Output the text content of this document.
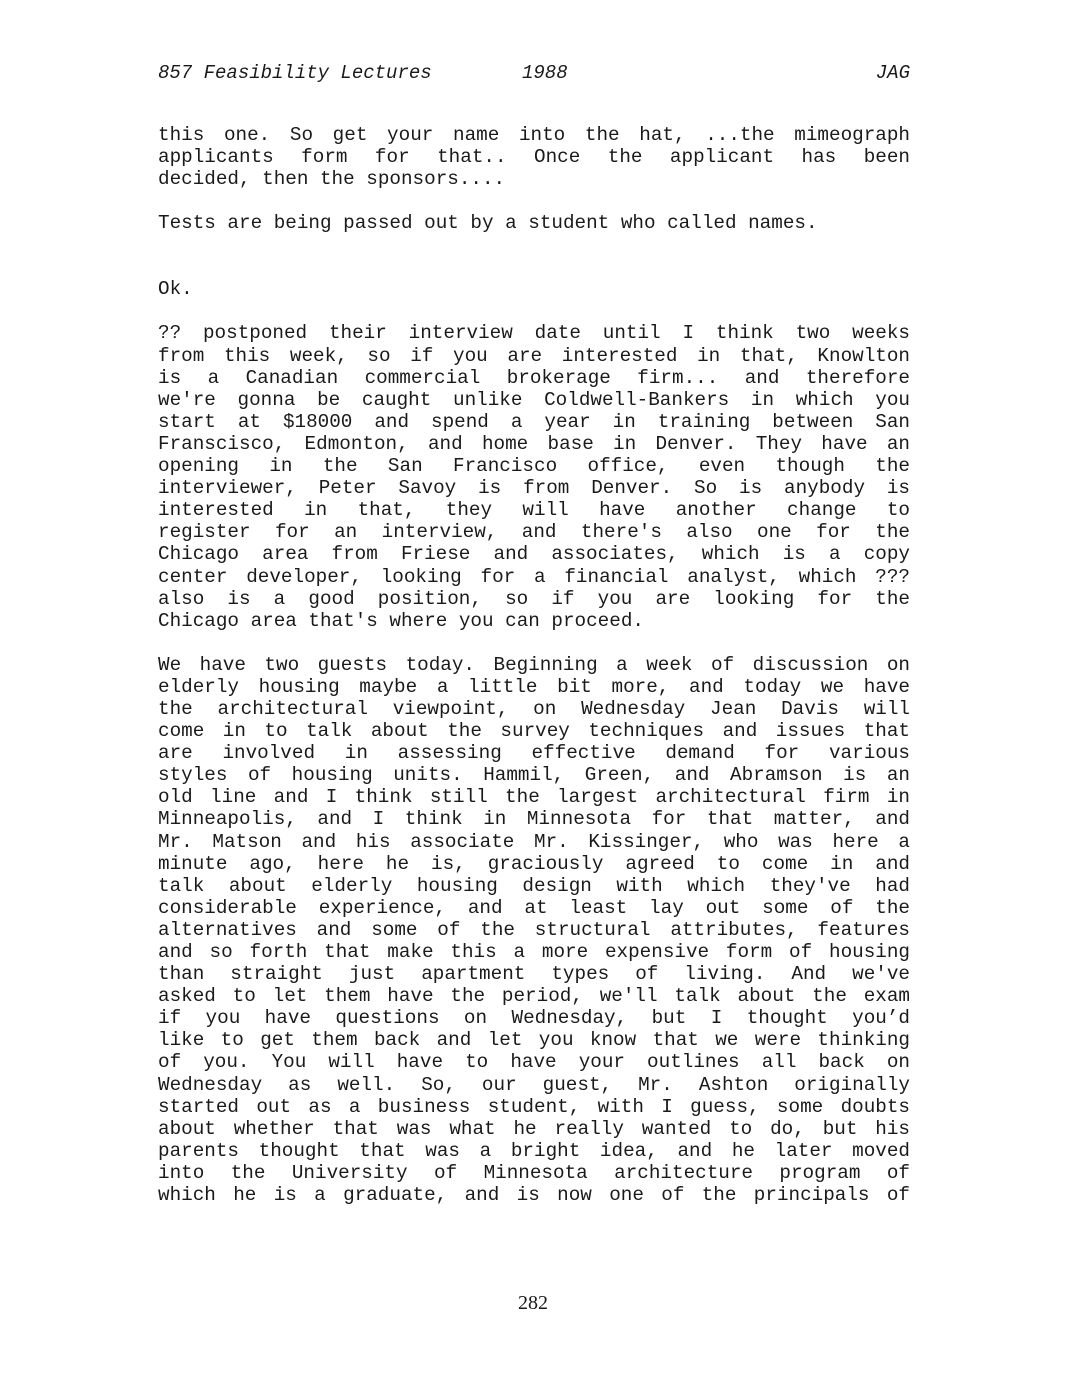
857 Feasibility Lectures	1988	JAG
this one. So get your name into the hat, ...the mimeograph
applicants form for that.. Once the applicant has been
decided, then the sponsors....
Tests are being passed out by a student who called names.
Ok.
?? postponed their interview date until I think two weeks
from this week, so if you are interested in that, Knowlton
is a Canadian commercial brokerage firm... and therefore
we're gonna be caught unlike Coldwell-Bankers in which you
start at $18000 and spend a year in training between San
Franscisco, Edmonton, and home base in Denver. They have an
opening in the San Francisco office, even though the
interviewer, Peter Savoy is from Denver. So is anybody is
interested in that, they will have another change to
register for an interview, and there's also one for the
Chicago area from Friese and associates, which is a copy
center developer, looking for a financial analyst, which ???
also is a good position, so if you are looking for the
Chicago area that's where you can proceed.
We have two guests today. Beginning a week of discussion on
elderly housing maybe a little bit more, and today we have
the architectural viewpoint, on Wednesday Jean Davis will
come in to talk about the survey techniques and issues that
are involved in assessing effective demand for various
styles of housing units. Hammil, Green, and Abramson is an
old line and I think still the largest architectural firm in
Minneapolis, and I think in Minnesota for that matter, and
Mr. Matson and his associate Mr. Kissinger, who was here a
minute ago, here he is, graciously agreed to come in and
talk about elderly housing design with which they've had
considerable experience, and at least lay out some of the
alternatives and some of the structural attributes, features
and so forth that make this a more expensive form of housing
than straight just apartment types of living. And we've
asked to let them have the period, we'll talk about the exam
if you have questions on Wednesday, but I thought you’d
like to get them back and let you know that we were thinking
of you. You will have to have your outlines all back on
Wednesday as well. So, our guest, Mr. Ashton originally
started out as a business student, with I guess, some doubts
about whether that was what he really wanted to do, but his
parents thought that was a bright idea, and he later moved
into the University of Minnesota architecture program of
which he is a graduate, and is now one of the principals of
282
